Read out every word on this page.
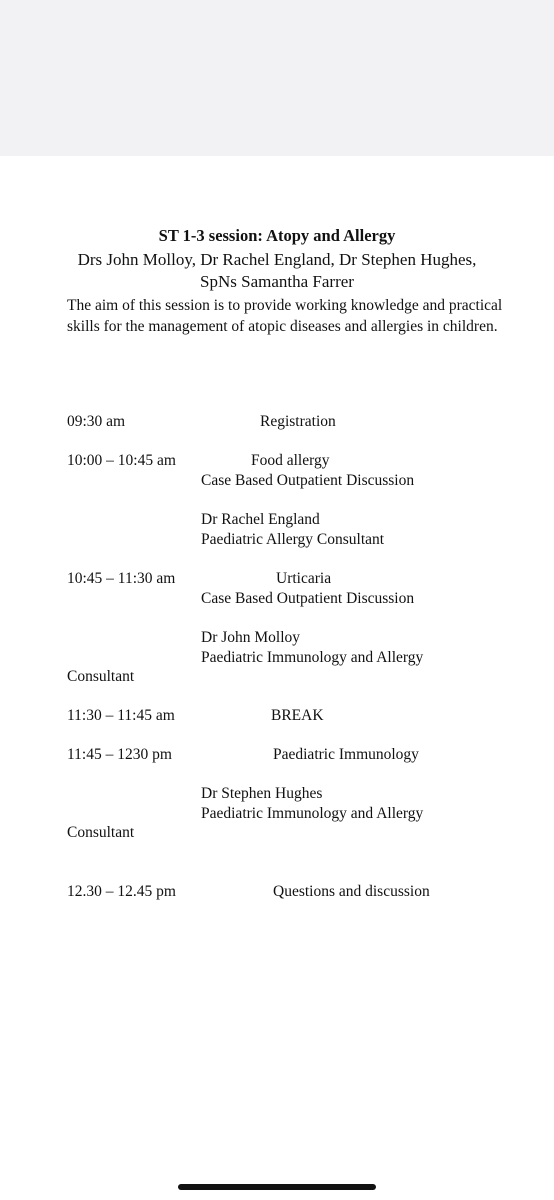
ST 1-3 session: Atopy and Allergy
Drs John Molloy, Dr Rachel England, Dr Stephen Hughes,
SpNs Samantha Farrer
The aim of this session is to provide working knowledge and practical skills for the management of atopic diseases and allergies in children.
09:30 am	Registration
10:00 – 10:45 am	Food allergy
Case Based Outpatient Discussion
Dr Rachel England
Paediatric Allergy Consultant
10:45 – 11:30 am	Urticaria
Case Based Outpatient Discussion
Dr John Molloy
Paediatric Immunology and Allergy
Consultant
11:30 – 11:45 am	BREAK
11:45 – 1230 pm	Paediatric Immunology
Dr Stephen Hughes
Paediatric Immunology and Allergy
Consultant
12.30 – 12.45 pm	Questions and discussion
